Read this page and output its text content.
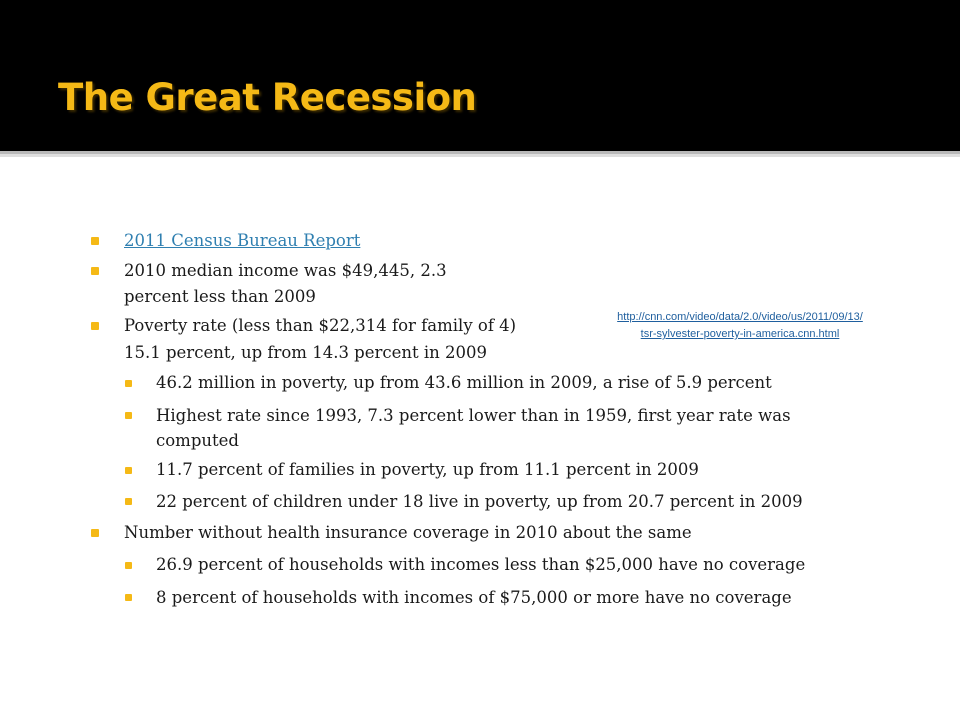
The Great Recession
2011 Census Bureau Report
2010 median income was $49,445, 2.3
percent less than 2009
Poverty rate (less than $22,314 for family of 4)
15.1 percent, up from 14.3 percent in 2009
46.2 million in poverty, up from 43.6 million in 2009, a rise of 5.9 percent
Highest rate since 1993, 7.3 percent lower than in 1959, first year rate was
computed
11.7 percent of families in poverty, up from 11.1 percent in 2009
22 percent of children under 18 live in poverty, up from 20.7 percent in 2009
Number without health insurance coverage in 2010 about the same
26.9 percent of households with incomes less than $25,000 have no coverage
8 percent of households with incomes of $75,000 or more have no coverage
http://cnn.com/video/data/2.0/video/us/2011/09/13/
tsr-sylvester-poverty-in-america.cnn.html
